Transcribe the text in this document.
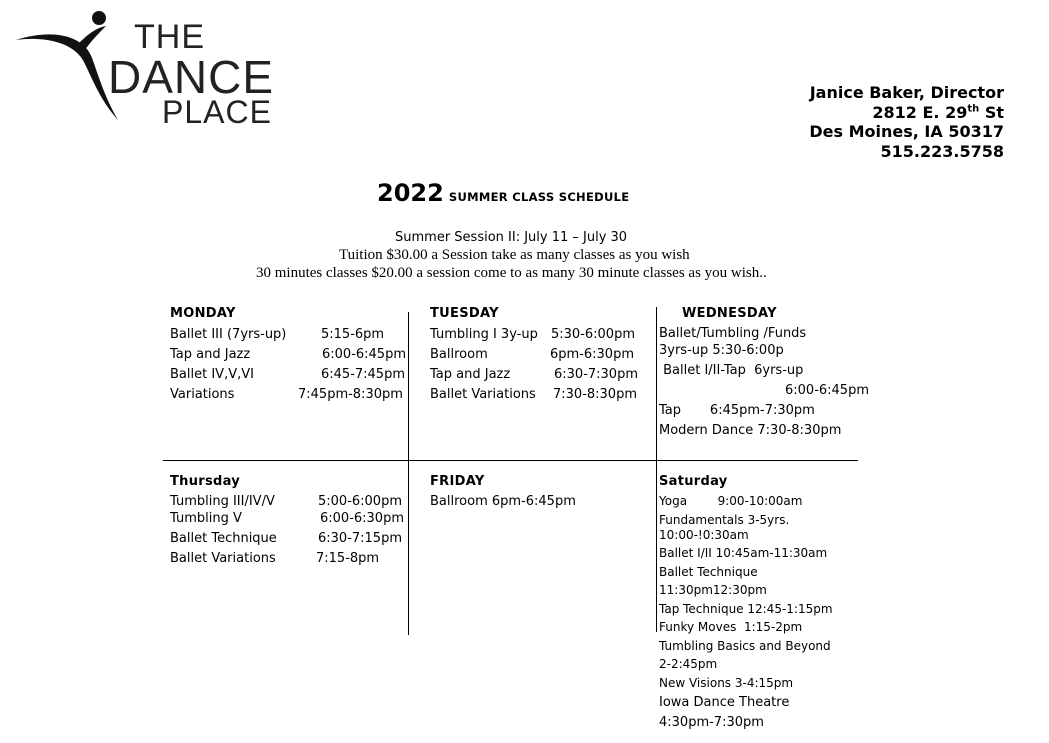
THE
DANCE
PLACE
Janice Baker, Director
2812 E. 29th St
Des Moines, IA 50317
515.223.5758
2022 SUMMER CLASS SCHEDULE
Summer Session II: July 11 – July 30
Tuition $30.00 a Session take as many classes as you wish
30 minutes classes $20.00 a session come to as many 30 minute classes as you wish..
MONDAY
Ballet III (7yrs-up)	5:15-6pm
Tap and Jazz	6:00-6:45pm
Ballet IV,V,VI	6:45-7:45pm
Variations	7:45pm-8:30pm
TUESDAY
Tumbling I 3y-up 5:30-6:00pm
Ballroom	6pm-6:30pm
Tap and Jazz	6:30-7:30pm
Ballet Variations 7:30-8:30pm
WEDNESDAY
Ballet/Tumbling /Funds
3yrs-up 5:30-6:00p
Ballet I/II-Tap  6yrs-up
6:00-6:45pm
Tap       6:45pm-7:30pm
Modern Dance 7:30-8:30pm
Thursday
Tumbling III/IV/V	5:00-6:00pm
Tumbling V	6:00-6:30pm
Ballet Technique	6:30-7:15pm
Ballet Variations	7:15-8pm
FRIDAY
Ballroom 6pm-6:45pm
Saturday
Yoga        9:00-10:00am
Fundamentals 3-5yrs.
10:00-!0:30am
Ballet I/II 10:45am-11:30am
Ballet Technique
11:30pm12:30pm
Tap Technique 12:45-1:15pm
Funky Moves  1:15-2pm
Tumbling Basics and Beyond
2-2:45pm
New Visions 3-4:15pm
Iowa Dance Theatre
4:30pm-7:30pm
